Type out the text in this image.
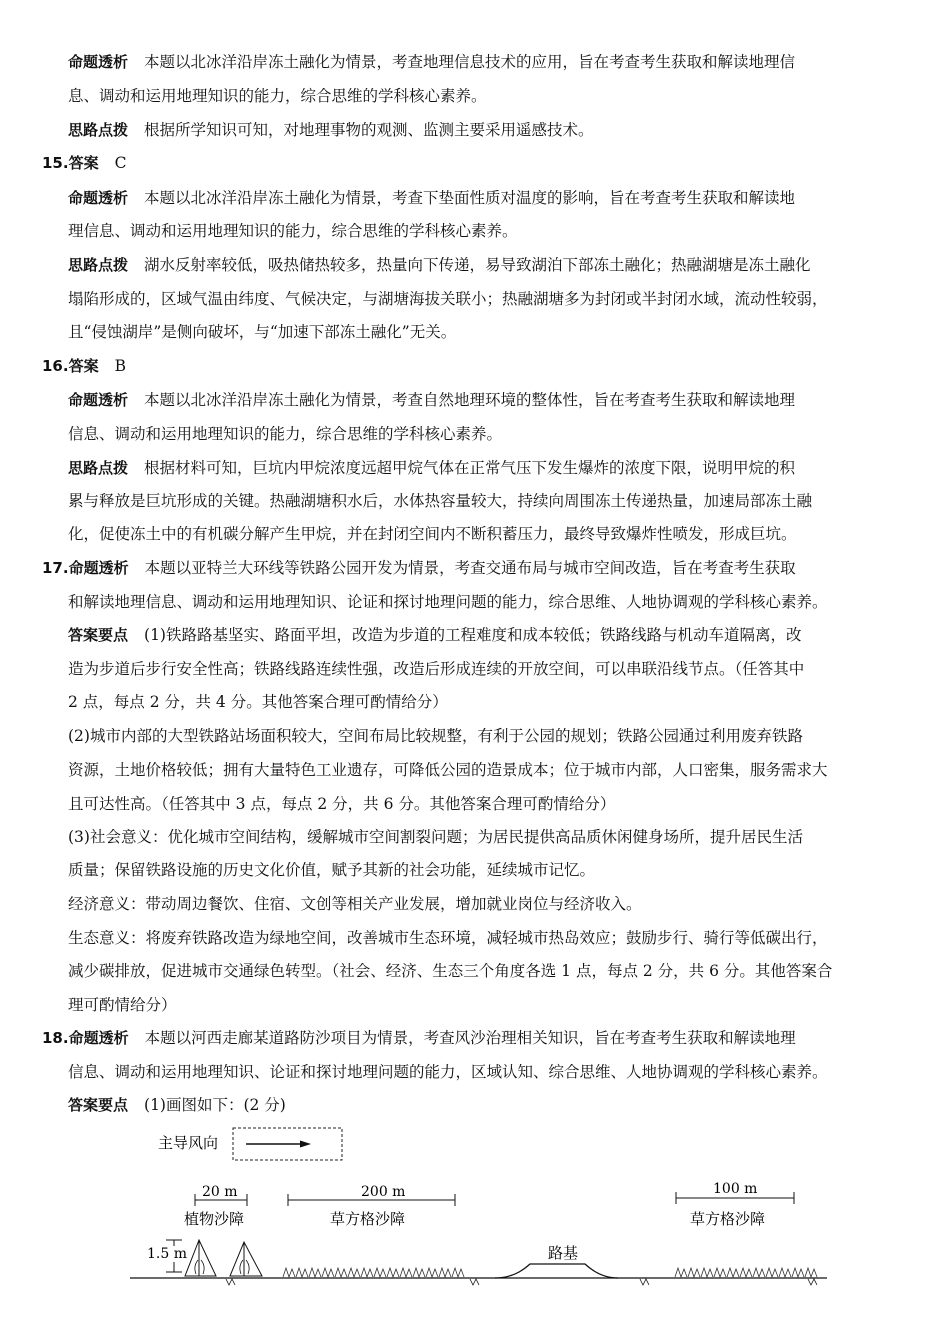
命题透析 本题以北冰洋沿岸冻土融化为情景，考查地理信息技术的应用，旨在考查考生获取和解读地理信
息、调动和运用地理知识的能力，综合思维的学科核心素养。
思路点拨 根据所学知识可知，对地理事物的观测、监测主要采用遥感技术。
15.答案 C
命题透析 本题以北冰洋沿岸冻土融化为情景，考查下垫面性质对温度的影响，旨在考查考生获取和解读地
理信息、调动和运用地理知识的能力，综合思维的学科核心素养。
思路点拨 湖水反射率较低，吸热储热较多，热量向下传递，易导致湖泊下部冻土融化；热融湖塘是冻土融化
塌陷形成的，区域气温由纬度、气候决定，与湖塘海拔关联小；热融湖塘多为封闭或半封闭水域，流动性较弱，
且“侵蚀湖岸”是侧向破坏，与“加速下部冻土融化”无关。
16.答案 B
命题透析 本题以北冰洋沿岸冻土融化为情景，考查自然地理环境的整体性，旨在考查考生获取和解读地理
信息、调动和运用地理知识的能力，综合思维的学科核心素养。
思路点拨 根据材料可知，巨坑内甲烷浓度远超甲烷气体在正常气压下发生爆炸的浓度下限，说明甲烷的积
累与释放是巨坑形成的关键。热融湖塘积水后，水体热容量较大，持续向周围冻土传递热量，加速局部冻土融
化，促使冻土中的有机碳分解产生甲烷，并在封闭空间内不断积蓄压力，最终导致爆炸性喷发，形成巨坑。
17.命题透析 本题以亚特兰大环线等铁路公园开发为情景，考查交通布局与城市空间改造，旨在考查考生获取
和解读地理信息、调动和运用地理知识、论证和探讨地理问题的能力，综合思维、人地协调观的学科核心素养。
答案要点 (1)铁路路基坚实、路面平坦，改造为步道的工程难度和成本较低；铁路线路与机动车道隔离，改
造为步道后步行安全性高；铁路线路连续性强，改造后形成连续的开放空间，可以串联沿线节点。（任答其中
2 点，每点 2 分，共 4 分。其他答案合理可酌情给分）
(2)城市内部的大型铁路站场面积较大，空间布局比较规整，有利于公园的规划；铁路公园通过利用废弃铁路
资源，土地价格较低；拥有大量特色工业遗存，可降低公园的造景成本；位于城市内部，人口密集，服务需求大
且可达性高。（任答其中 3 点，每点 2 分，共 6 分。其他答案合理可酌情给分）
(3)社会意义：优化城市空间结构，缓解城市空间割裂问题；为居民提供高品质休闲健身场所，提升居民生活
质量；保留铁路设施的历史文化价值，赋予其新的社会功能，延续城市记忆。
经济意义：带动周边餐饮、住宿、文创等相关产业发展，增加就业岗位与经济收入。
生态意义：将废弃铁路改造为绿地空间，改善城市生态环境，减轻城市热岛效应；鼓励步行、骑行等低碳出行，
减少碳排放，促进城市交通绿色转型。（社会、经济、生态三个角度各选 1 点，每点 2 分，共 6 分。其他答案合
理可酌情给分）
18.命题透析 本题以河西走廊某道路防沙项目为情景，考查风沙治理相关知识，旨在考查考生获取和解读地理
信息、调动和运用地理知识、论证和探讨地理问题的能力，区域认知、综合思维、人地协调观的学科核心素养。
答案要点 (1)画图如下：(2 分)
主导风向
20 m
植物沙障
200 m
草方格沙障
100 m
草方格沙障
1.5 m	路基
